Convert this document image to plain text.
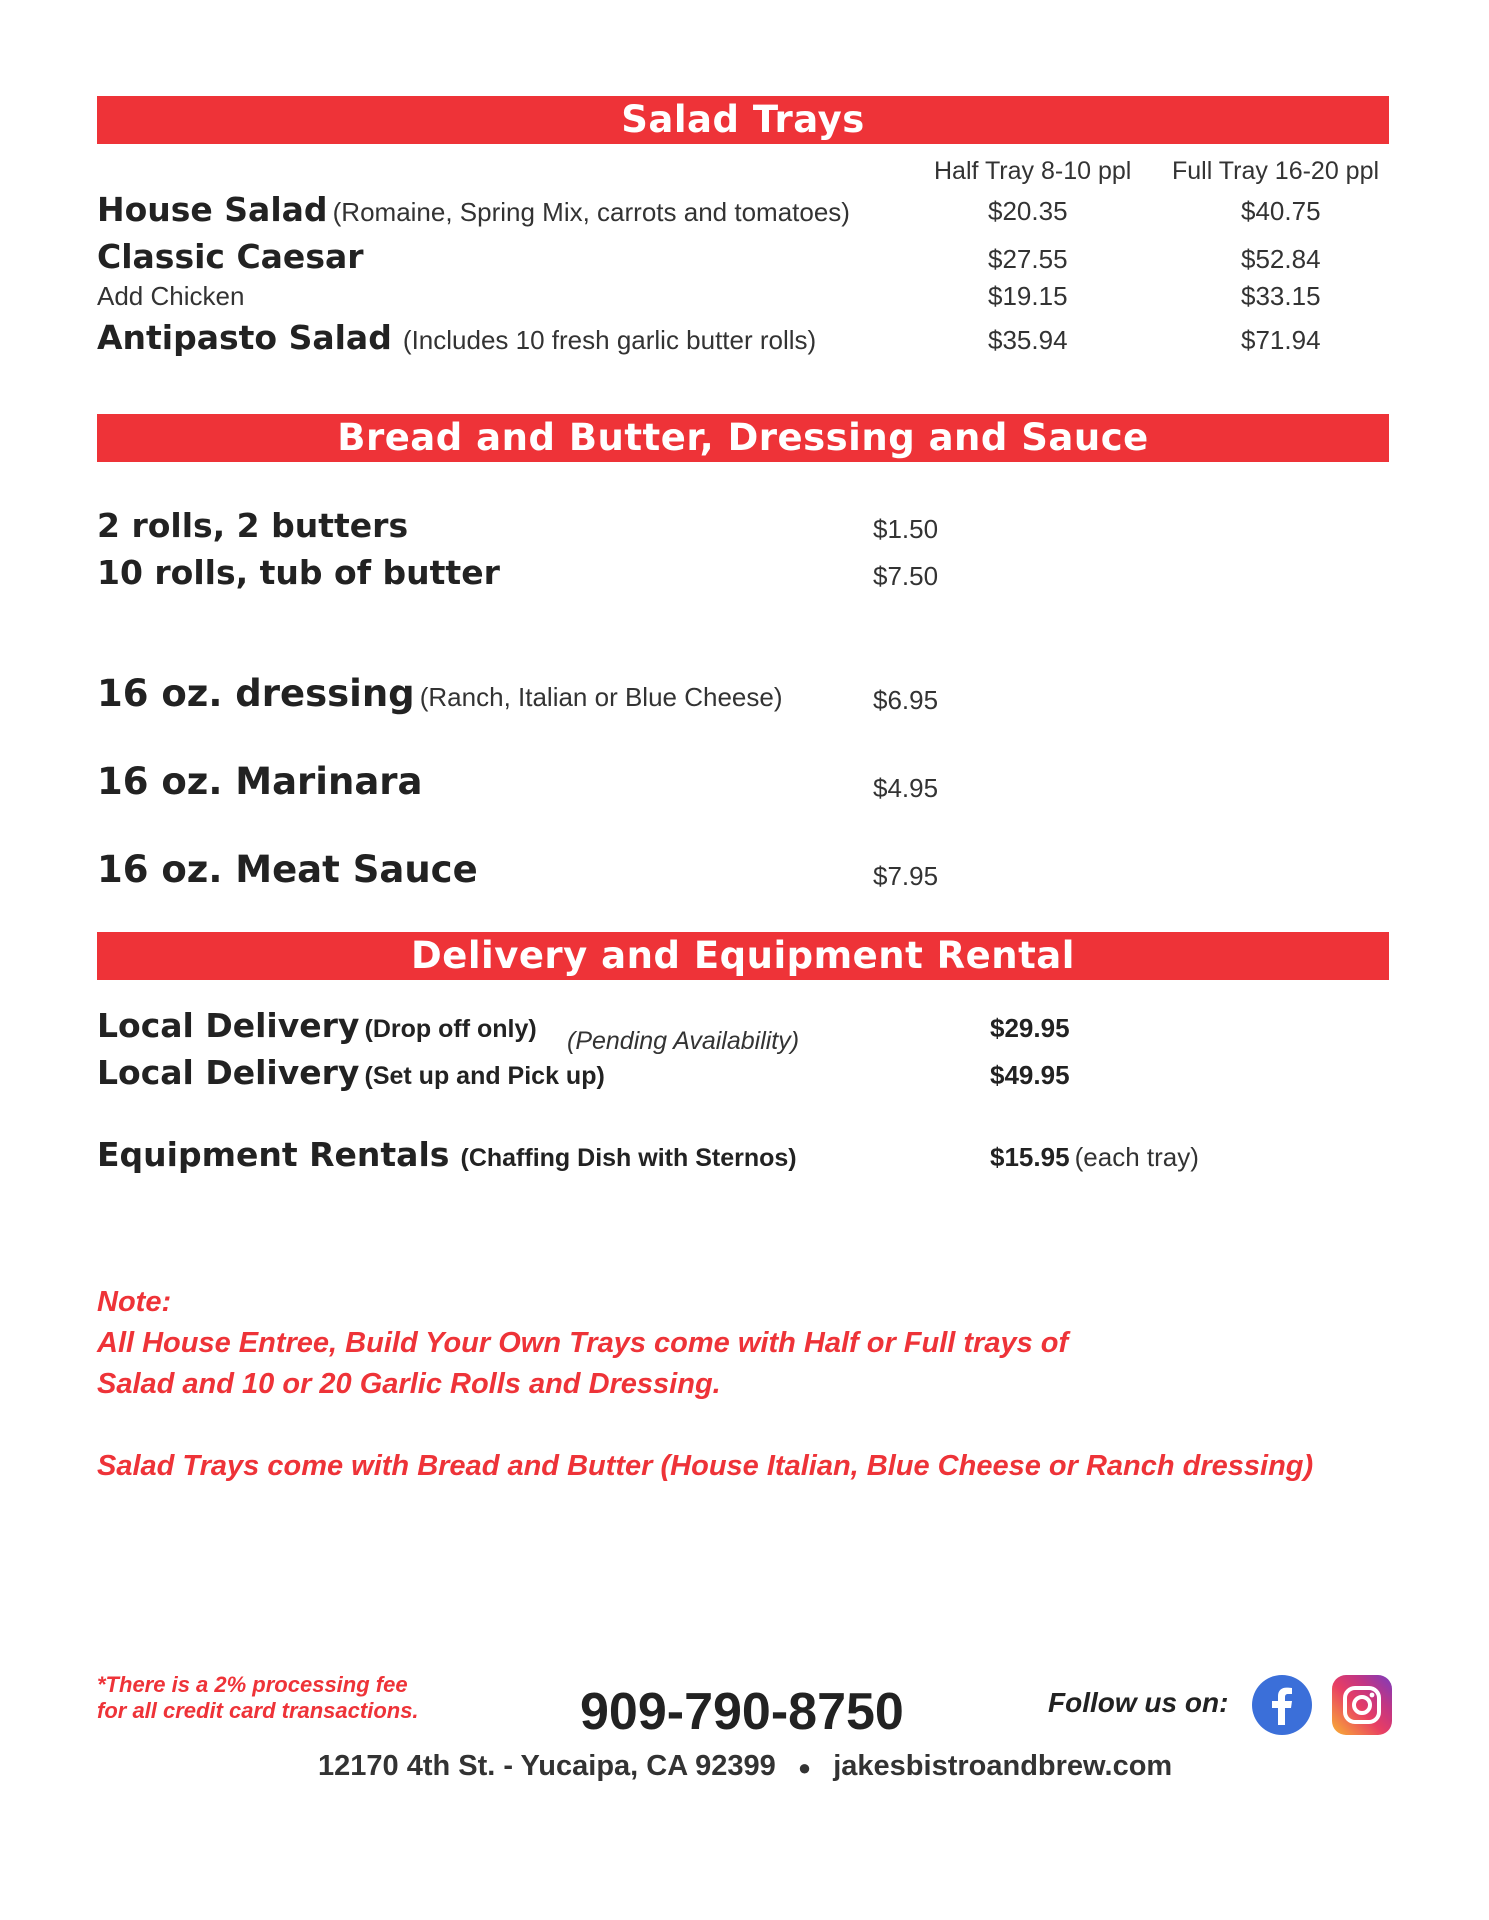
Salad Trays
Half Tray 8-10 ppl Full Tray 16-20 ppl
House Salad (Romaine, Spring Mix, carrots and tomatoes)	$20.35	$40.75
Classic Caesar	$27.55	$52.84
Add Chicken	$19.15	$33.15
Antipasto Salad (Includes 10 fresh garlic butter rolls)	$35.94	$71.94
Bread and Butter, Dressing and Sauce
2 rolls, 2 butters	$1.50
10 rolls, tub of butter	$7.50
16 oz. dressing (Ranch, Italian or Blue Cheese)	$6.95
16 oz. Marinara	$4.95
16 oz. Meat Sauce	$7.95
Delivery and Equipment Rental
Local Delivery (Drop off only) (Pending Availability)	$29.95
Local Delivery (Set up and Pick up)	$49.95
Equipment Rentals (Chaffing Dish with Sternos)	$15.95 (each tray)
Note:
All House Entree, Build Your Own Trays come with Half or Full trays of
Salad and 10 or 20 Garlic Rolls and Dressing.
Salad Trays come with Bread and Butter (House Italian, Blue Cheese or Ranch dressing)
*There is a 2% processing fee
for all credit card transactions.	909-790-8750	Follow us on:
12170 4th St. - Yucaipa, CA 92399 ● jakesbistroandbrew.com
